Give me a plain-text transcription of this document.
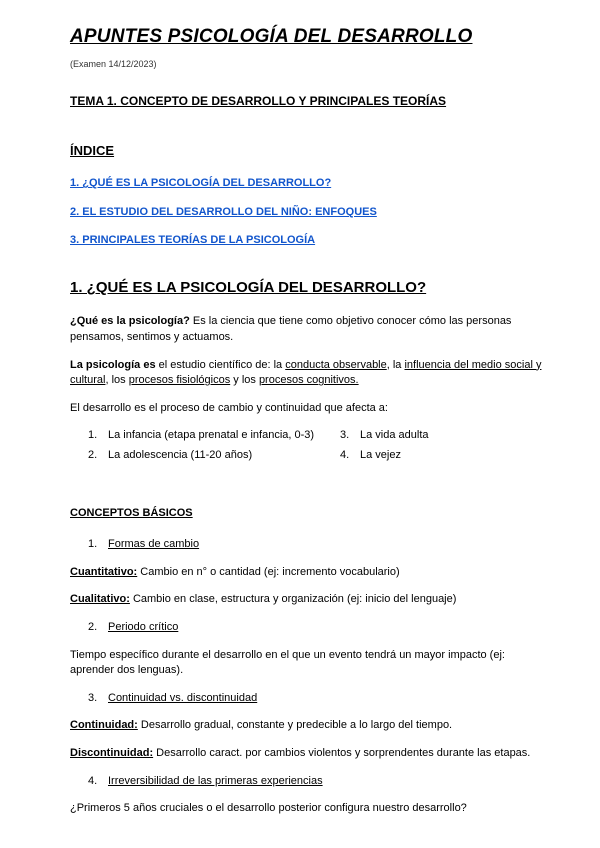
APUNTES PSICOLOGÍA DEL DESARROLLO

(Examen 14/12/2023)

TEMA 1. CONCEPTO DE DESARROLLO Y PRINCIPALES TEORÍAS
ÍNDICE
1. ¿QUÉ ES LA PSICOLOGÍA DEL DESARROLLO?
2. EL ESTUDIO DEL DESARROLLO DEL NIÑO: ENFOQUES
3. PRINCIPALES TEORÍAS DE LA PSICOLOGÍA
1. ¿QUÉ ES LA PSICOLOGÍA DEL DESARROLLO?

¿Qué es la psicología? Es la ciencia que tiene como objetivo conocer cómo las personas pensamos, sentimos y actuamos.

La psicología es el estudio científico de: la conducta observable, la influencia del medio social y cultural, los procesos fisiológicos y los procesos cognitivos.

El desarrollo es el proceso de cambio y continuidad que afecta a:

1. La infancia (etapa prenatal e infancia, 0-3)
2. La adolescencia (11-20 años)
3. La vida adulta
4. La vejez
CONCEPTOS BÁSICOS
1. Formas de cambio

Cuantitativo: Cambio en n° o cantidad (ej: incremento vocabulario)

Cualitativo: Cambio en clase, estructura y organización (ej: inicio del lenguaje)

2. Periodo crítico

Tiempo específico durante el desarrollo en el que un evento tendrá un mayor impacto (ej: aprender dos lenguas).

3. Continuidad vs. discontinuidad

Continuidad: Desarrollo gradual, constante y predecible a lo largo del tiempo.

Discontinuidad: Desarrollo caract. por cambios violentos y sorprendentes durante las etapas.

4. Irreversibilidad de las primeras experiencias

¿Primeros 5 años cruciales o el desarrollo posterior configura nuestro desarrollo?
